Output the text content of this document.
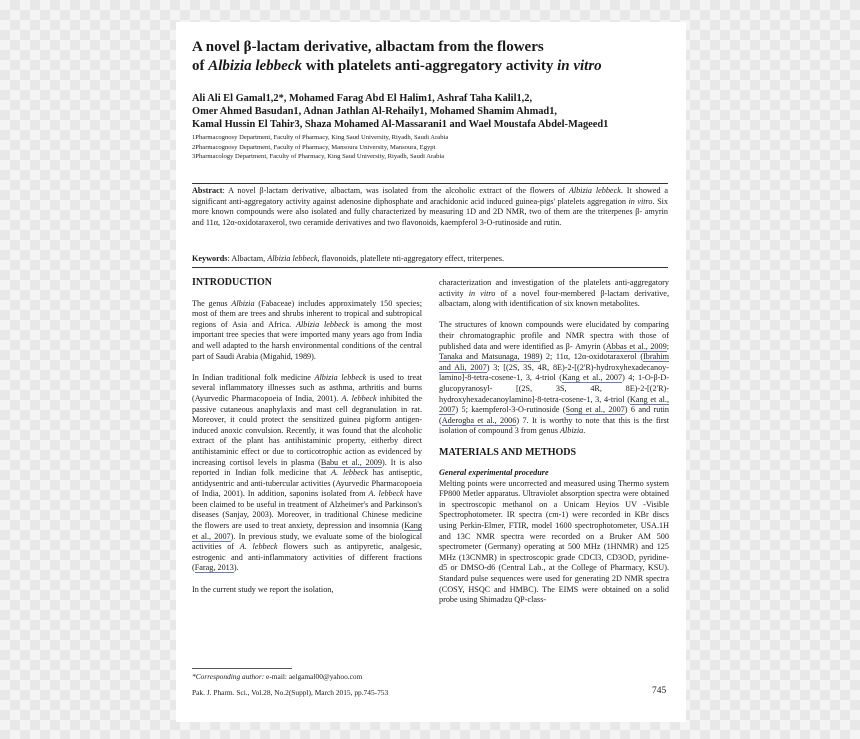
A novel β-lactam derivative, albactam from the flowers
of Albizia lebbeck with platelets anti-aggregatory activity in vitro
Ali Ali El Gamal1,2*, Mohamed Farag Abd El Halim1, Ashraf Taha Kalil1,2,
Omer Ahmed Basudan1, Adnan Jathlan Al-Rehaily1, Mohamed Shamim Ahmad1,
Kamal Hussin El Tahir3, Shaza Mohamed Al-Massarani1 and Wael Moustafa Abdel-Mageed1
1Pharmacognosy Department, Faculty of Pharmacy, King Saud University, Riyadh, Saudi Arabia
2Pharmacognosy Department, Faculty of Pharmacy, Mansoura University, Mansoura, Egypt
3Pharmacology Department, Faculty of Pharmacy, King Saud University, Riyadh, Saudi Arabia

Abstract: A novel β-lactam derivative, albactam, was isolated from the alcoholic extract of the flowers of Albizia lebbeck. It showed a significant anti-aggregatory activity against adenosine diphosphate and arachidonic acid induced guinea-pigs' platelets aggregation in vitro. Six more known compounds were also isolated and fully characterized by measuring 1D and 2D NMR, two of them are the triterpenes β- amyrin and 11α, 12α-oxidotaraxerol, two ceramide derivatives and two flavonoids, kaempferol 3-O-rutinoside and rutin.

Keywords: Albactam, Albizia lebbeck, flavonoids, platellete nti-aggregatory effect, triterpenes.

INTRODUCTION

The genus Albizia (Fabaceae) includes approximately 150 species; most of them are trees and shrubs inherent to tropical and subtropical regions of Asia and Africa. Albizia lebbeck is among the most important tree species that were imported many years ago from India and well adapted to the harsh environmental conditions of the central part of Saudi Arabia (Migahid, 1989).

In Indian traditional folk medicine Albizia lebbeck is used to treat several inflammatory illnesses such as asthma, arthritis and burns (Ayurvedic Pharmacopoeia of India, 2001). A. lebbeck inhibited the passive cutaneous anaphylaxis and mast cell degranulation in rat. Moreover, it could protect the sensitized guinea pigform antigen-induced anoxic convulsion. Recently, it was found that the alcoholic extract of the plant has antihistaminic property, eitherby direct antihistaminic effect or due to corticotrophic action as evidenced by increasing cortisol levels in plasma (Babu et al., 2009). It is also reported in Indian folk medicine that A. lebbeck has antiseptic, antidysentric and anti-tubercular activities (Ayurvedic Pharmacopoeia of India, 2001). In addition, saponins isolated from A. lebbeck have been claimed to be useful in treatment of Alzheimer's and Parkinson's diseases (Sanjay, 2003). Moreover, in traditional Chinese medicine the flowers are used to treat anxiety, depression and insomnia (Kang et al., 2007). In previous study, we evaluate some of the biological activities of A. lebbeck flowers such as antipyretic, analgesic, estrogenic and anti-inflammatory activities of different fractions (Farag, 2013).

In the current study we report the isolation,

characterization and investigation of the platelets anti-aggregatory activity in vitro of a novel four-membered β-lactam derivative, albactam, along with identification of six known metabolites.

The structures of known compounds were elucidated by comparing their chromatographic profile and NMR spectra with those of published data and were identified as β- Amyrin (Abbas et al., 2009; Tanaka and Matsunaga, 1989) 2; 11α, 12α-oxidotaraxerol (Ibrahim and Ali, 2007) 3; [(2S, 3S, 4R, 8E)-2-[(2'R)-hydroxyhexadecanoy-lamino]-8-tetra-cosene-1, 3, 4-triol (Kang et al., 2007) 4; 1-O-β-D-glucopyranosyl- [(2S, 3S, 4R, 8E)-2-[(2'R)-hydroxyhexadecanoylamino]-8-tetra-cosene-1, 3, 4-triol (Kang et al., 2007) 5; kaempferol-3-O-rutinoside (Song et al., 2007) 6 and rutin (Aderogba et al., 2006) 7. It is worthy to note that this is the first isolation of compound 3 from genus Albizia.

MATERIALS AND METHODS
General experimental procedure

Melting points were uncorrected and measured using Thermo system FP800 Metler apparatus. Ultraviolet absorption spectra were obtained in spectroscopic methanol on a Unicam Heyios UV -Visible Spectrophotometer. IR spectra (cm-1) were recorded in KBr discs using Perkin-Elmer, FTIR, model 1600 spectrophotometer, USA.1H and 13C NMR spectra were recorded on a Bruker AM 500 spectrometer (Germany) operating at 500 MHz (1HNMR) and 125 MHz (13CNMR) in spectroscopic grade CDCl3, CD3OD, pyridine-d5 or DMSO-d6 (Central Lab., at the College of Pharmacy, KSU). Standard pulse sequences were used for generating 2D NMR spectra (COSY, HSQC and HMBC). The EIMS were obtained on a solid probe using Shimadzu QP-class-

*Corresponding author: e-mail: aelgamal00@yahoo.com
Pak. J. Pharm. Sci., Vol.28, No.2(Suppl), March 2015, pp.745-753	745
